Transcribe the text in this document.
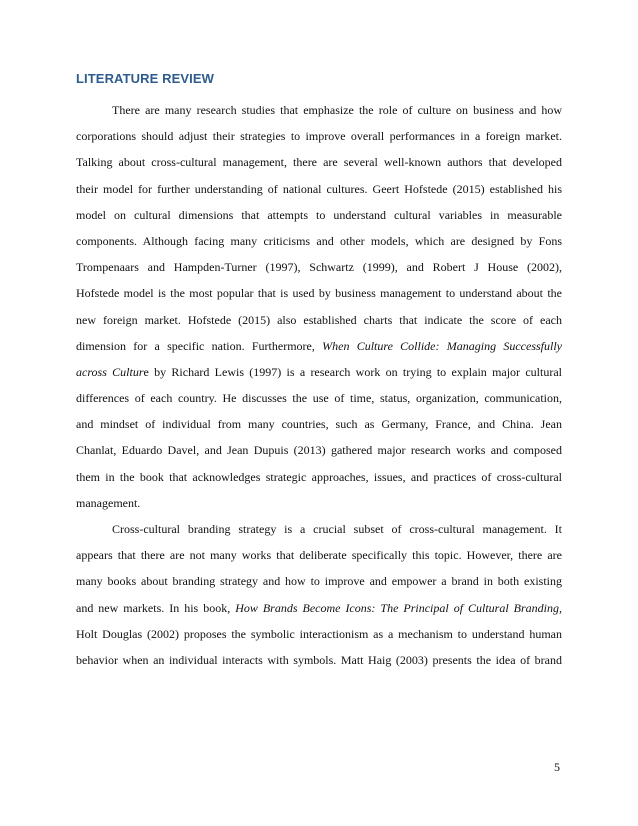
LITERATURE REVIEW
There are many research studies that emphasize the role of culture on business and how
corporations should adjust their strategies to improve overall performances in a foreign market.
Talking about cross-cultural management, there are several well-known authors that developed
their model for further understanding of national cultures. Geert Hofstede (2015) established his
model on cultural dimensions that attempts to understand cultural variables in measurable
components. Although facing many criticisms and other models, which are designed by Fons
Trompenaars and Hampden-Turner (1997), Schwartz (1999), and Robert J House (2002),
Hofstede model is the most popular that is used by business management to understand about the
new foreign market. Hofstede (2015) also established charts that indicate the score of each
dimension for a specific nation. Furthermore, When Culture Collide: Managing Successfully
across Culture by Richard Lewis (1997) is a research work on trying to explain major cultural
differences of each country. He discusses the use of time, status, organization, communication,
and mindset of individual from many countries, such as Germany, France, and China. Jean
Chanlat, Eduardo Davel, and Jean Dupuis (2013) gathered major research works and composed
them in the book that acknowledges strategic approaches, issues, and practices of cross-cultural
management.
Cross-cultural branding strategy is a crucial subset of cross-cultural management. It
appears that there are not many works that deliberate specifically this topic. However, there are
many books about branding strategy and how to improve and empower a brand in both existing
and new markets. In his book, How Brands Become Icons: The Principal of Cultural Branding,
Holt Douglas (2002) proposes the symbolic interactionism as a mechanism to understand human
behavior when an individual interacts with symbols. Matt Haig (2003) presents the idea of brand
5
